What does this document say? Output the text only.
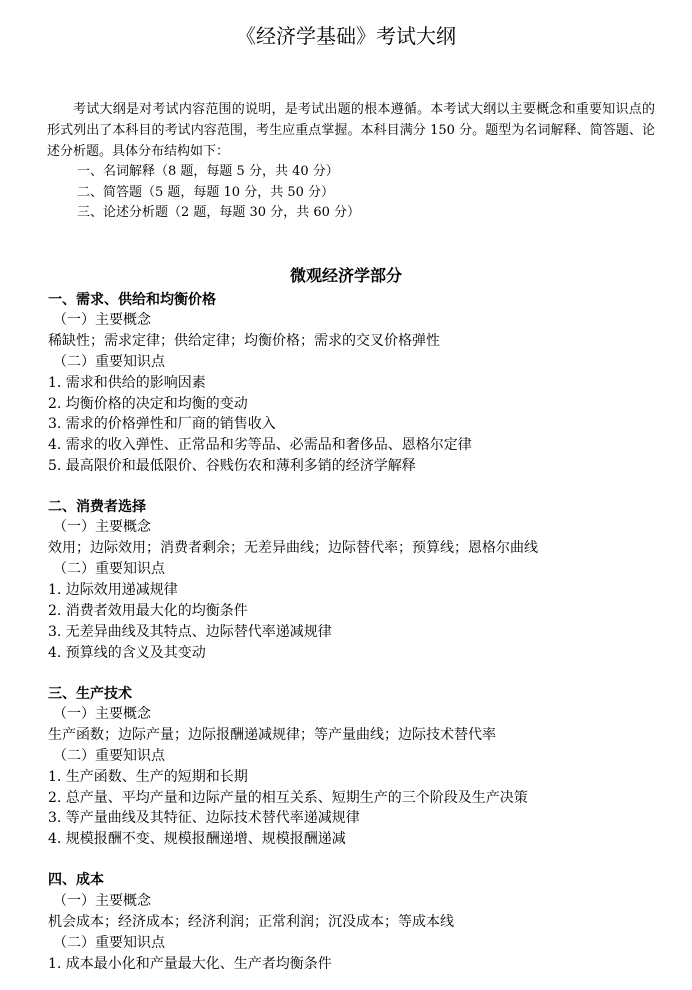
《经济学基础》考试大纲

考试大纲是对考试内容范围的说明，是考试出题的根本遵循。本考试大纲以主要概念和重要知识点的形式列出了本科目的考试内容范围，考生应重点掌握。本科目满分 150 分。题型为名词解释、简答题、论述分析题。具体分布结构如下：

一、名词解释（8 题，每题 5 分，共 40 分）
二、简答题（5 题，每题 10 分，共 50 分）
三、论述分析题（2 题，每题 30 分，共 60 分）
微观经济学部分
一、需求、供给和均衡价格
（一）主要概念
稀缺性；需求定律；供给定律；均衡价格；需求的交叉价格弹性
（二）重要知识点
1. 需求和供给的影响因素
2. 均衡价格的决定和均衡的变动
3. 需求的价格弹性和厂商的销售收入
4. 需求的收入弹性、正常品和劣等品、必需品和奢侈品、恩格尔定律
5. 最高限价和最低限价、谷贱伤农和薄利多销的经济学解释
二、消费者选择
（一）主要概念
效用；边际效用；消费者剩余；无差异曲线；边际替代率；预算线；恩格尔曲线
（二）重要知识点
1. 边际效用递减规律
2. 消费者效用最大化的均衡条件
3. 无差异曲线及其特点、边际替代率递减规律
4. 预算线的含义及其变动
三、生产技术
（一）主要概念
生产函数；边际产量；边际报酬递减规律；等产量曲线；边际技术替代率
（二）重要知识点
1. 生产函数、生产的短期和长期
2. 总产量、平均产量和边际产量的相互关系、短期生产的三个阶段及生产决策
3. 等产量曲线及其特征、边际技术替代率递减规律
4. 规模报酬不变、规模报酬递增、规模报酬递减
四、成本
（一）主要概念
机会成本；经济成本；经济利润；正常利润；沉没成本；等成本线
（二）重要知识点
1. 成本最小化和产量最大化、生产者均衡条件
